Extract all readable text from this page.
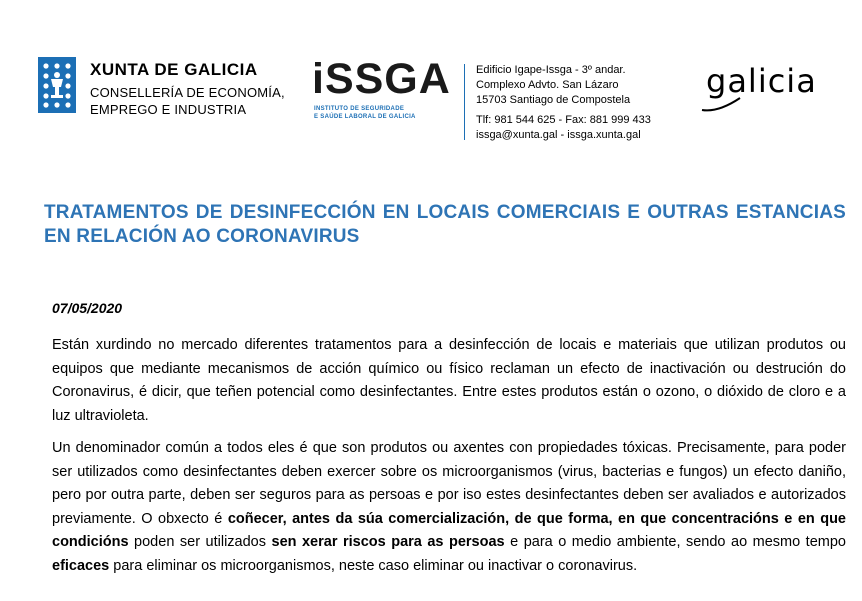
XUNTA DE GALICIA
CONSELLERÍA DE ECONOMÍA,
EMPREGO E INDUSTRIA
iSSGA
INSTITUTO DE SEGURIDADE
E SAÚDE LABORAL DE GALICIA
Edificio Igape-Issga - 3º andar.
Complexo Advto. San Lázaro
15703 Santiago de Compostela
Tlf: 981 544 625 - Fax: 881 999 433
issga@xunta.gal - issga.xunta.gal
galicia
TRATAMENTOS DE DESINFECCIÓN EN LOCAIS COMERCIAIS E OUTRAS ESTANCIAS EN RELACIÓN AO CORONAVIRUS
07/05/2020
Están xurdindo no mercado diferentes tratamentos para a desinfección de locais e materiais que utilizan produtos ou equipos que mediante mecanismos de acción químico ou físico reclaman un efecto de inactivación ou destrución do Coronavirus, é dicir, que teñen potencial como desinfectantes. Entre estes produtos están o ozono, o dióxido de cloro e a luz ultravioleta.
Un denominador común a todos eles é que son produtos ou axentes con propiedades tóxicas. Precisamente, para poder ser utilizados como desinfectantes deben exercer sobre os microorganismos (virus, bacterias e fungos) un efecto daniño, pero por outra parte, deben ser seguros para as persoas e por iso estes desinfectantes deben ser avaliados e autorizados previamente. O obxecto é coñecer, antes da súa comercialización, de que forma, en que concentracións e en que condicións poden ser utilizados sen xerar riscos para as persoas e para o medio ambiente, sendo ao mesmo tempo eficaces para eliminar os microorganismos, neste caso eliminar ou inactivar o coronavirus.
